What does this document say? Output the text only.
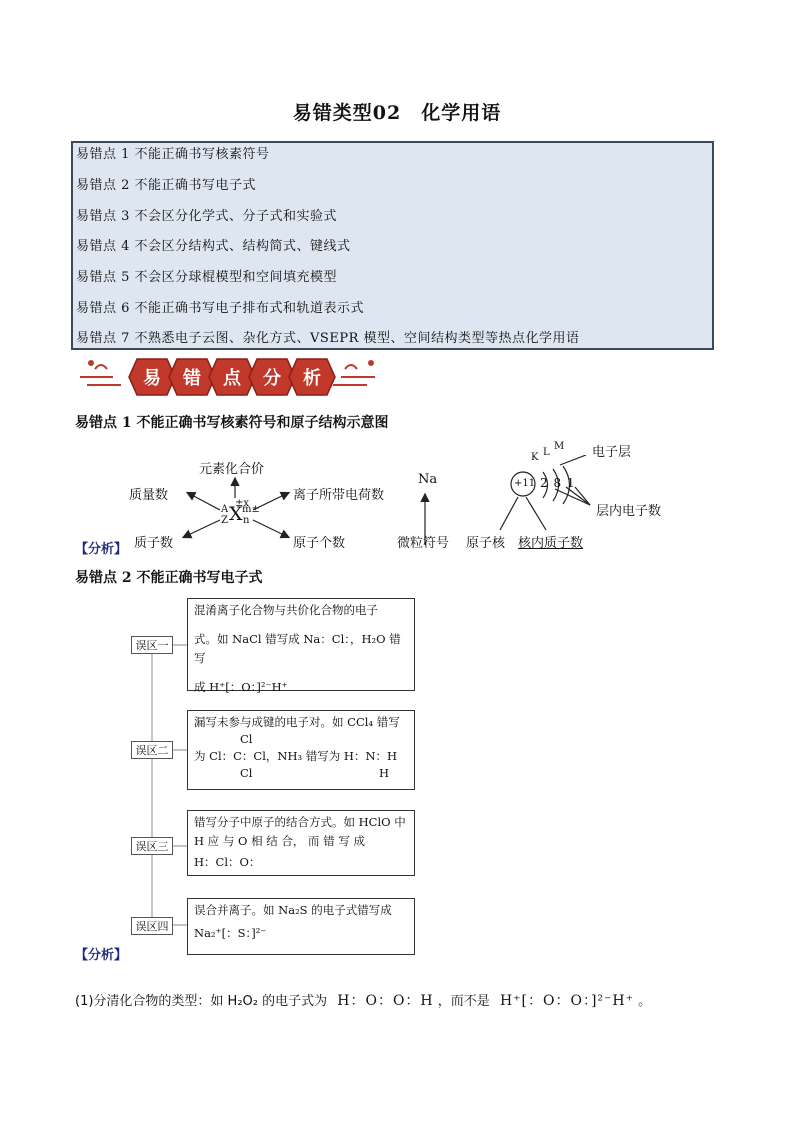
易错类型02　化学用语
易错点 1 不能正确书写核素符号
易错点 2 不能正确书写电子式
易错点 3 不会区分化学式、分子式和实验式
易错点 4 不会区分结构式、结构简式、键线式
易错点 5 不会区分球棍模型和空间填充模型
易错点 6 不能正确书写电子排布式和轨道表示式
易错点 7 不熟悉电子云图、杂化方式、VSEPR 模型、空间结构类型等热点化学用语
易 错 点 分 析
易错点 1 不能正确书写核素符号和原子结构示意图
元素化合价
质量数	离子所带电荷数
质子数	原子个数
±x
A
Z X m±
n
Na
微粒符号
+11 2 8 1
K L
M 电子层
层内电子数
原子核 核内质子数
【分析】
易错点 2 不能正确书写电子式
误区一
误区二
误区三
误区四
混淆离子化合物与共价化合物的电子
式。如 NaCl 错写成 Na：Cl：，H₂O 错写
成 H⁺[：O：]²⁻H⁺
漏写未参与成键的电子对。如 CCl₄ 错写
Cl
为 Cl：C：Cl，NH₃ 错写为 H：N：H
Cl	H
错写分子中原子的结合方式。如 HClO 中
H 应 与 O 相 结 合， 而 错 写 成
H：Cl：O：
误合并离子。如 Na₂S 的电子式错写成
Na₂⁺[：S：]²⁻
【分析】
(1)分清化合物的类型：如 H₂O₂ 的电子式为 H：O：O：H ，而不是 H⁺[：O：O：]²⁻H⁺ 。
